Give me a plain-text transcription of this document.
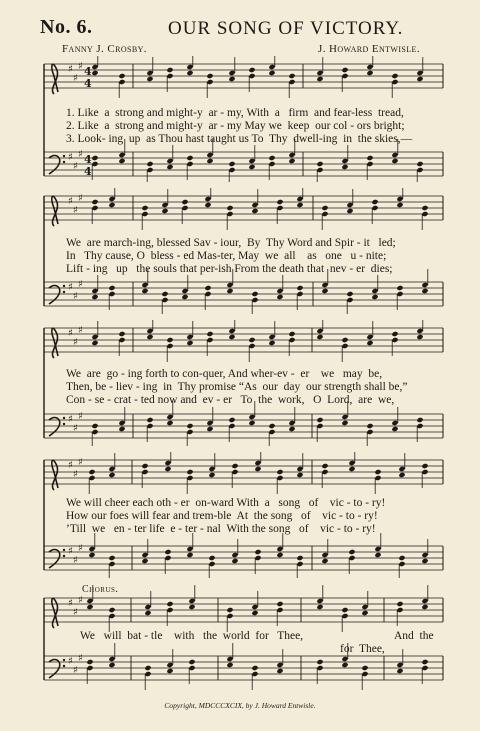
No. 6.	OUR SONG OF VICTORY.
Fanny J. Crosby.	J. Howard Entwisle.
♯
♯
♯ 4
4
♯
♯
♯ 4
4
♯
♯
♯
♯
♯
♯
♯
♯
♯
♯
♯
♯
♯
♯
♯
♯
♯
♯
♯
♯
♯
♯
♯
♯
1. Like  a  strong and might-y  ar - my, With  a   firm  and fear-less  tread,
2. Like  a  strong and might-y  ar - my May we  keep  our col - ors bright;
3. Look- ing  up  as Thou hast taught us To  Thy  dwell-ing  in  the skies,—
We  are march-ing, blessed Sav - iour,  By  Thy Word and Spir - it   led;
In   Thy cause, O  bless - ed Mas-ter, May  we  all    as   one   u - nite;
Lift - ing   up   the souls that per-ish From the death that  nev - er  dies;
We  are  go - ing forth to con-quer, And wher-ev -  er    we   may  be,
Then, be - liev - ing  in  Thy promise “As  our  day  our strength shall be,”
Con - se - crat - ted now and  ev - er   To  the  work,   O  Lord,  are  we,
We will cheer each oth - er  on-ward With  a   song   of    vic - to - ry!
How our foes will fear and trem-ble  At  the song   of    vic - to - ry!
’Till  we   en - ter life  e - ter - nal  With the song   of    vic - to - ry!
Chorus.
We   will  bat - tle    with   the  world  for   Thee,	And  the
for  Thee,
Copyright, MDCCCXCIX, by J. Howard Entwisle.
